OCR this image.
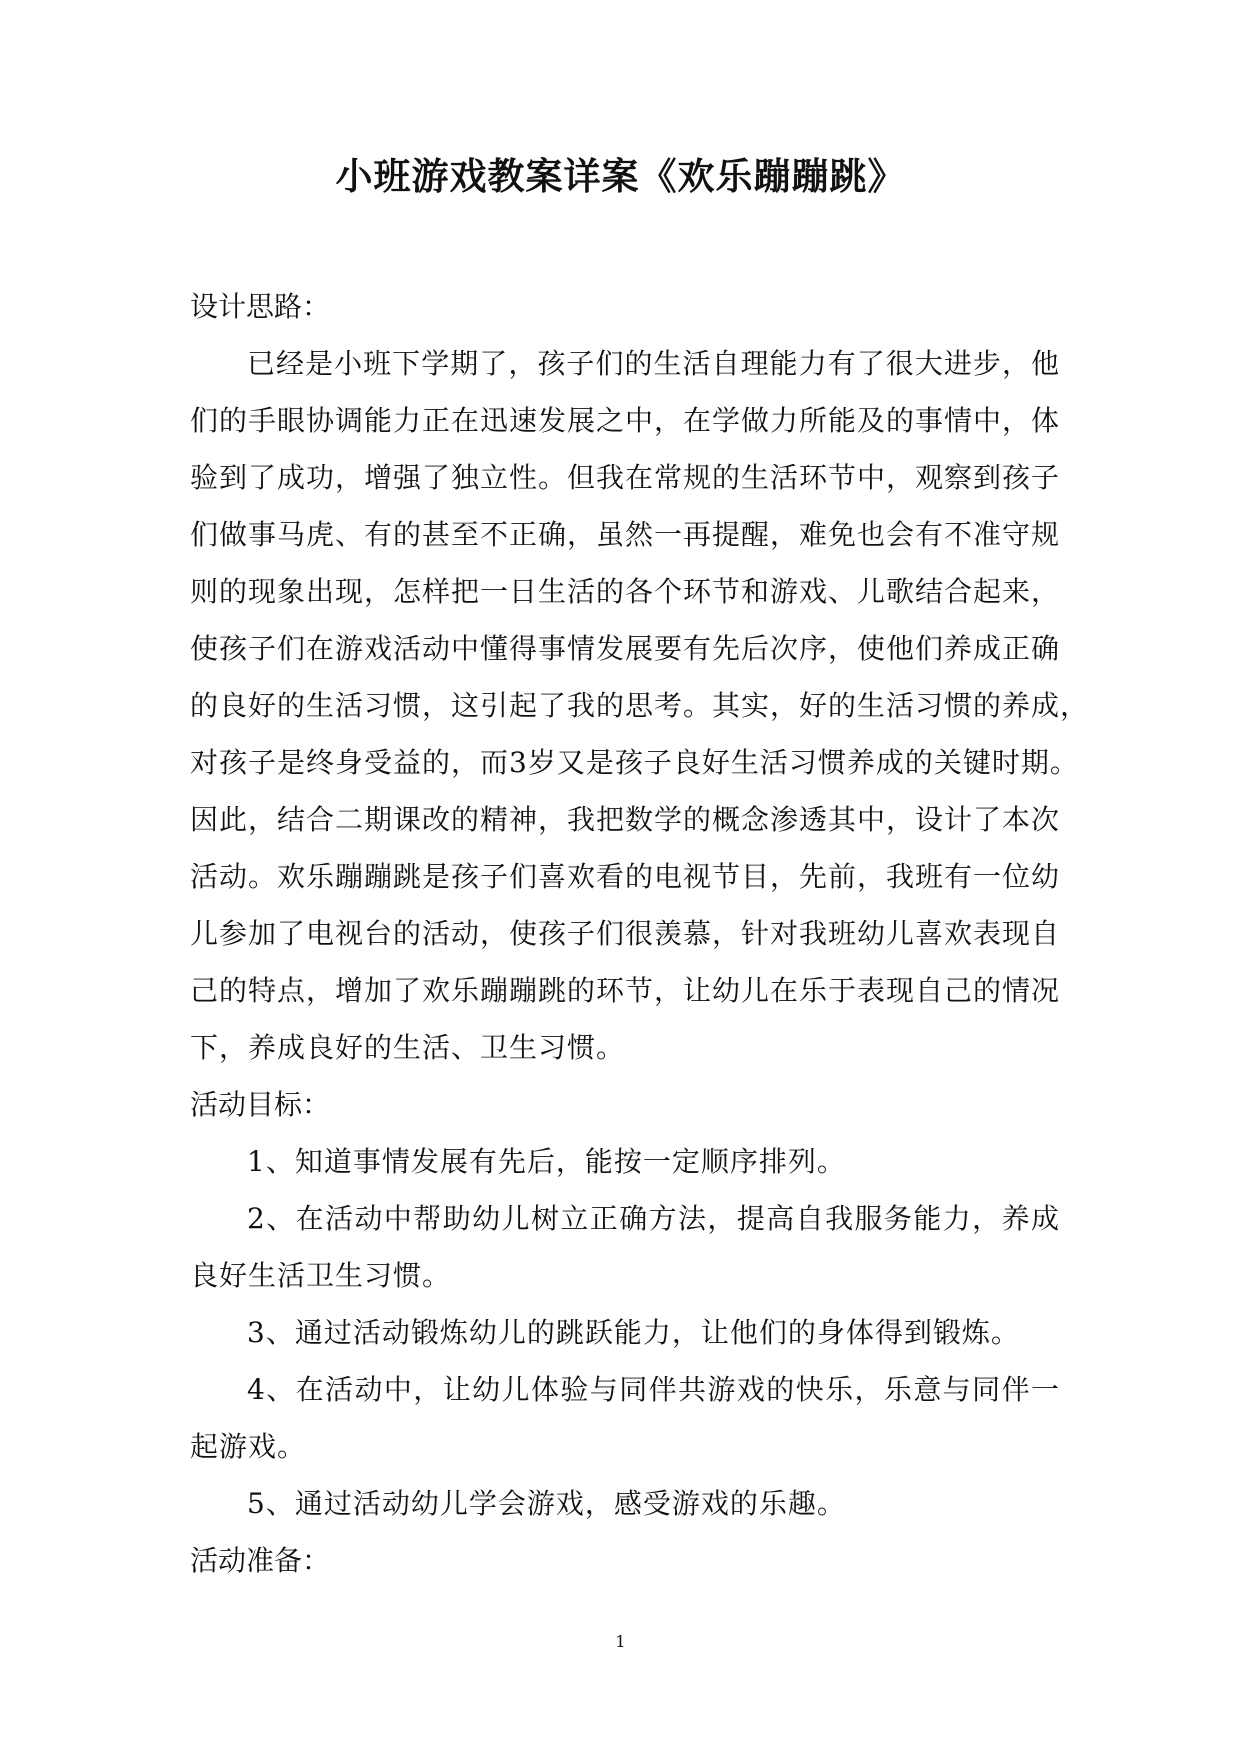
小班游戏教案详案《欢乐蹦蹦跳》
设计思路：
已经是小班下学期了，孩子们的生活自理能力有了很大进步，他
们的手眼协调能力正在迅速发展之中，在学做力所能及的事情中，体
验到了成功，增强了独立性。但我在常规的生活环节中，观察到孩子
们做事马虎、有的甚至不正确，虽然一再提醒，难免也会有不准守规
则的现象出现，怎样把一日生活的各个环节和游戏、儿歌结合起来，
使孩子们在游戏活动中懂得事情发展要有先后次序，使他们养成正确
的良好的生活习惯，这引起了我的思考。其实，好的生活习惯的养成，
对孩子是终身受益的，而3岁又是孩子良好生活习惯养成的关键时期。
因此，结合二期课改的精神，我把数学的概念渗透其中，设计了本次
活动。欢乐蹦蹦跳是孩子们喜欢看的电视节目，先前，我班有一位幼
儿参加了电视台的活动，使孩子们很羡慕，针对我班幼儿喜欢表现自
己的特点，增加了欢乐蹦蹦跳的环节，让幼儿在乐于表现自己的情况
下，养成良好的生活、卫生习惯。
活动目标：
1、知道事情发展有先后，能按一定顺序排列。
2、在活动中帮助幼儿树立正确方法，提高自我服务能力，养成
良好生活卫生习惯。
3、通过活动锻炼幼儿的跳跃能力，让他们的身体得到锻炼。
4、在活动中，让幼儿体验与同伴共游戏的快乐，乐意与同伴一
起游戏。
5、通过活动幼儿学会游戏，感受游戏的乐趣。
活动准备：
1
